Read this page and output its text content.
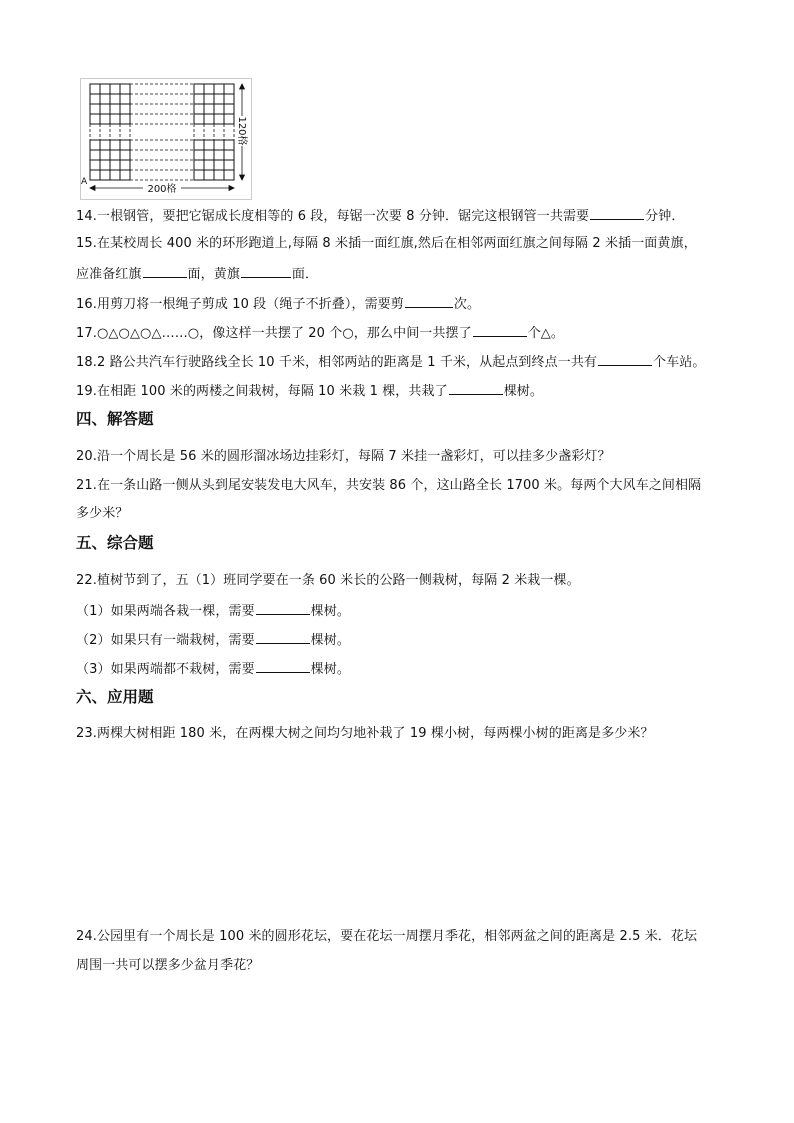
200格
120格
A
14.一根钢管，要把它锯成长度相等的 6 段，每锯一次要 8 分钟．锯完这根钢管一共需要	分钟．
15.在某校周长 400 米的环形跑道上,每隔 8 米插一面红旗,然后在相邻两面红旗之间每隔 2 米插一面黄旗，
应准备红旗	面，黄旗	面．
16.用剪刀将一根绳子剪成 10 段（绳子不折叠），需要剪	次。
17.○△○△○△……○，像这样一共摆了 20 个○，那么中间一共摆了	个△。
18.2 路公共汽车行驶路线全长 10 千米，相邻两站的距离是 1 千米，从起点到终点一共有	个车站。
19.在相距 100 米的两楼之间栽树，每隔 10 米栽 1 棵，共栽了	棵树。
四、解答题
20.沿一个周长是 56 米的圆形溜冰场边挂彩灯，每隔 7 米挂一盏彩灯，可以挂多少盏彩灯？
21.在一条山路一侧从头到尾安装发电大风车，共安装 86 个，这山路全长 1700 米。每两个大风车之间相隔
多少米？
五、综合题
22.植树节到了，五（1）班同学要在一条 60 米长的公路一侧栽树，每隔 2 米栽一棵。
（1）如果两端各栽一棵，需要	棵树。
（2）如果只有一端栽树，需要	棵树。
（3）如果两端都不栽树，需要	棵树。
六、应用题
23.两棵大树相距 180 米，在两棵大树之间均匀地补栽了 19 棵小树，每两棵小树的距离是多少米？
24.公园里有一个周长是 100 米的圆形花坛，要在花坛一周摆月季花，相邻两盆之间的距离是 2.5 米．花坛
周围一共可以摆多少盆月季花？
